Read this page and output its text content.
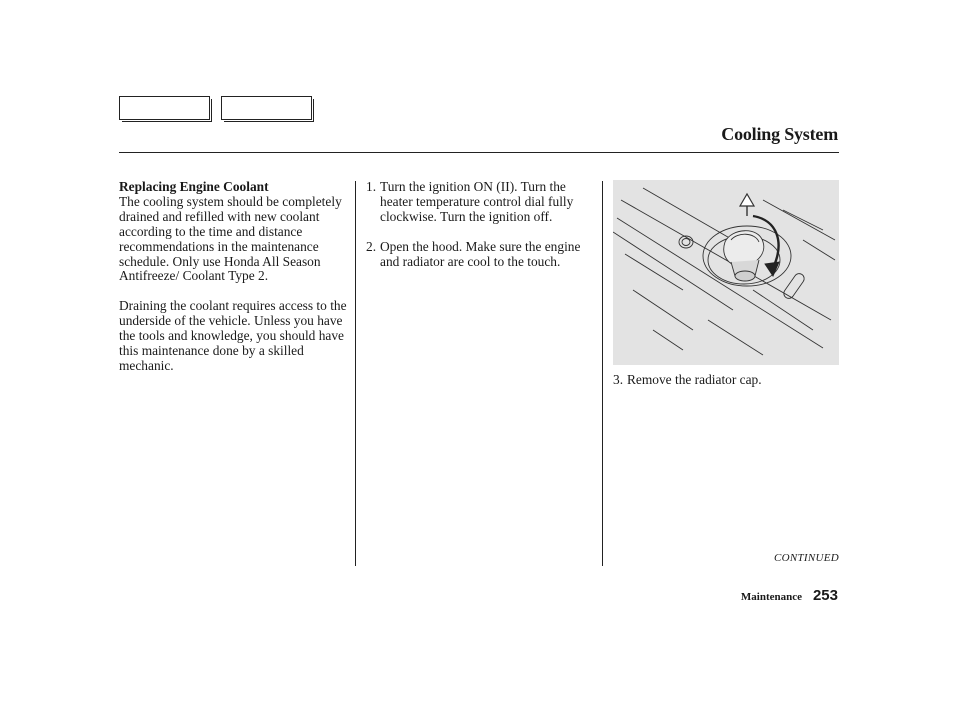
Cooling System
Replacing Engine Coolant

The cooling system should be completely drained and refilled with new coolant according to the time and distance recommendations in the maintenance schedule. Only use Honda All Season Antifreeze/ Coolant Type 2.

Draining the coolant requires access to the underside of the vehicle. Unless you have the tools and knowledge, you should have this maintenance done by a skilled mechanic.

1. Turn the ignition ON (II). Turn the heater temperature control dial fully clockwise. Turn the ignition off.
2. Open the hood. Make sure the engine and radiator are cool to the touch.
3. Remove the radiator cap.
CONTINUED
Maintenance 253
